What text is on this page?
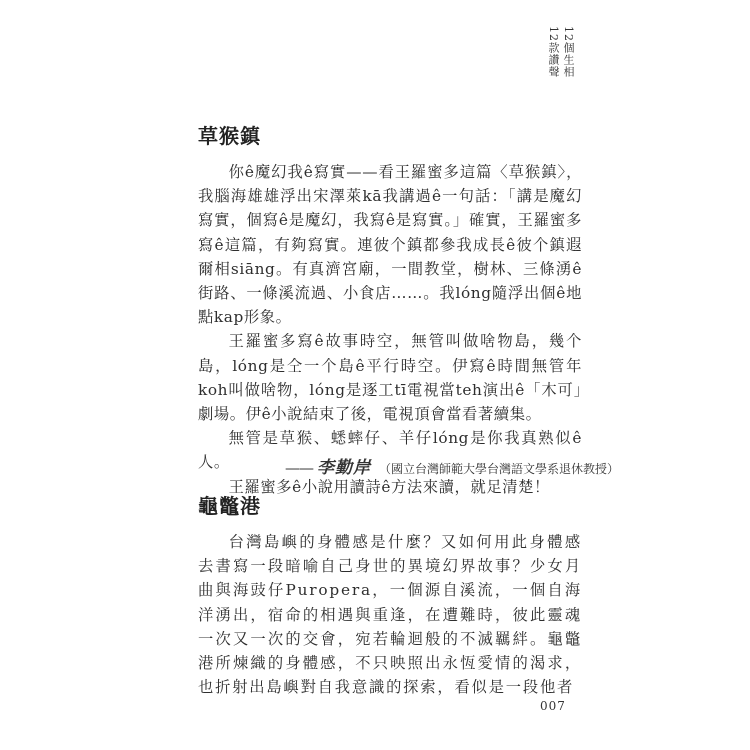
12個生相
12款讚聲
草猴鎮

你ê魔幻我ê寫實——看王羅蜜多這篇〈草猴鎮〉，我腦海雄雄浮出宋澤萊kā我講過ê一句話：「講是魔幻寫實，個寫ê是魔幻，我寫ê是寫實。」確實，王羅蜜多寫ê這篇，有夠寫實。連彼个鎮都參我成長ê彼个鎮遐爾相siāng。有真濟宮廟，一間教堂，樹林、三條湧ê街路、一條溪流過、小食店……。我lóng隨浮出個ê地點kap形象。

王羅蜜多寫ê故事時空，無管叫做啥物島，幾个島，lóng是仝一个島ê平行時空。伊寫ê時間無管年koh叫做啥物，lóng是逐工tī電視當teh演出ê「木可」劇場。伊ê小說結束了後，電視頂會當看著續集。

無管是草猴、蟋蟀仔、羊仔lóng是你我真熟似ê人。

王羅蜜多ê小說用讀詩ê方法來讀，就足清楚！

—— 李勤岸 （國立台灣師範大學台灣語文學系退休教授）
龜鼈港

台灣島嶼的身體感是什麼？又如何用此身體感去書寫一段暗喻自己身世的異境幻界故事？少女月曲與海豉仔Puropera，一個源自溪流，一個自海洋湧出，宿命的相遇與重逢，在遭難時，彼此靈魂一次又一次的交會，宛若輪迴般的不滅羈絆。龜鼈港所煉織的身體感，不只映照出永恆愛情的渴求，也折射出島嶼對自我意識的探索，看似是一段他者

007
